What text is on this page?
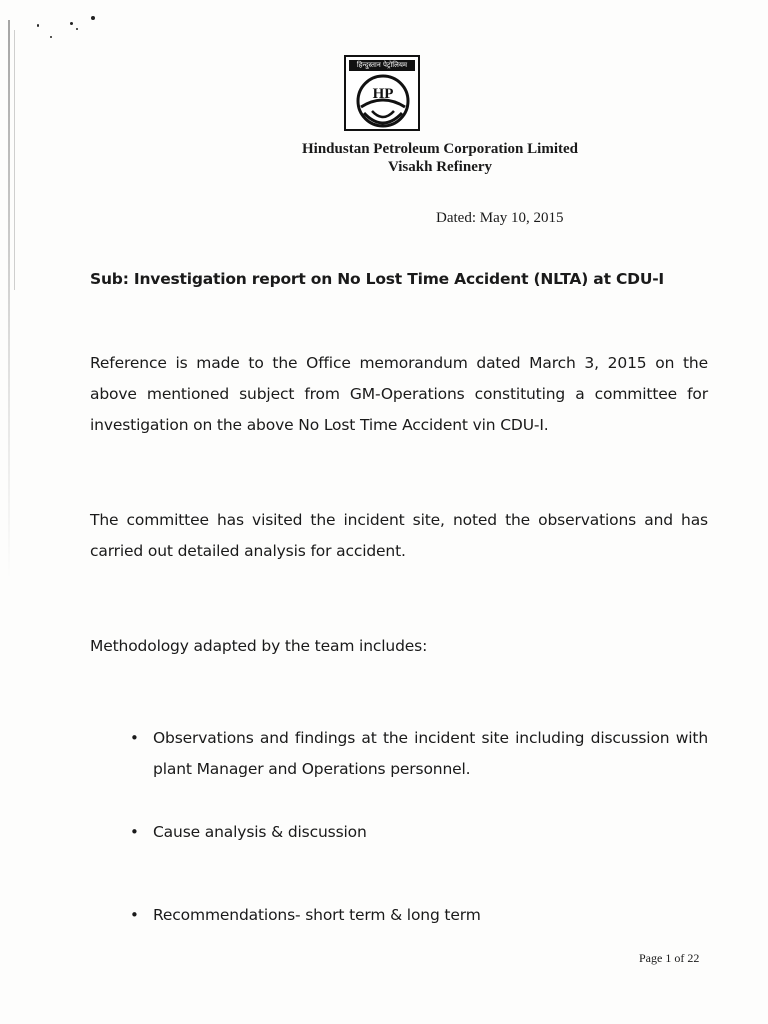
हिन्दुस्तान पेट्रोलियम
HP
Hindustan Petroleum Corporation Limited
Visakh Refinery
Dated: May 10, 2015
Sub: Investigation report on No Lost Time Accident (NLTA) at CDU-I
Reference is made to the Office memorandum dated March 3, 2015 on the above mentioned subject from GM-Operations constituting a committee for investigation on the above No Lost Time Accident vin CDU-I.
The committee has visited the incident site, noted the observations and has carried out detailed analysis for accident.
Methodology adapted by the team includes:
• Observations and findings at the incident site including discussion with plant Manager and Operations personnel.
• Cause analysis & discussion
• Recommendations- short term & long term
Page 1 of 22
